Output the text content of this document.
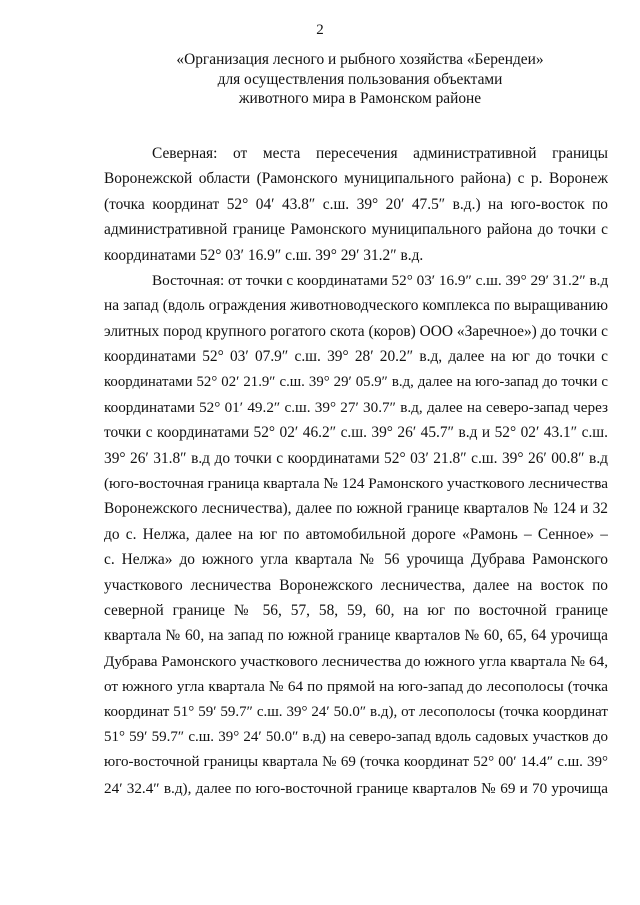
2
«Организация лесного и рыбного хозяйства «Берендеи»
для осуществления пользования объектами
животного мира в Рамонском районе
Северная: от места пересечения административной границы
Воронежской области (Рамонского муниципального района) с р. Воронеж
(точка координат 52° 04′ 43.8″ с.ш. 39° 20′ 47.5″ в.д.) на юго-восток по
административной границе Рамонского муниципального района до точки с
координатами 52° 03′ 16.9″ с.ш. 39° 29′ 31.2″ в.д.
Восточная: от точки с координатами 52° 03′ 16.9″ с.ш. 39° 29′ 31.2″ в.д
на запад (вдоль ограждения животноводческого комплекса по выращиванию
элитных пород крупного рогатого скота (коров) ООО «Заречное») до точки с
координатами 52° 03′ 07.9″ с.ш. 39° 28′ 20.2″ в.д, далее на юг до точки с
координатами 52° 02′ 21.9″ с.ш. 39° 29′ 05.9″ в.д, далее на юго-запад до точки с
координатами 52° 01′ 49.2″ с.ш. 39° 27′ 30.7″ в.д, далее на северо-запад через
точки с координатами 52° 02′ 46.2″ с.ш. 39° 26′ 45.7″ в.д и 52° 02′ 43.1″ с.ш.
39° 26′ 31.8″ в.д до точки с координатами 52° 03′ 21.8″ с.ш. 39° 26′ 00.8″ в.д
(юго-восточная граница квартала № 124 Рамонского участкового лесничества
Воронежского лесничества), далее по южной границе кварталов № 124 и 32
до с. Нелжа, далее на юг по автомобильной дороге «Рамонь – Сенное» –
с. Нелжа» до южного угла квартала № 56 урочища Дубрава Рамонского
участкового лесничества Воронежского лесничества, далее на восток по
северной границе № 56, 57, 58, 59, 60, на юг по восточной границе
квартала № 60, на запад по южной границе кварталов № 60, 65, 64 урочища
Дубрава Рамонского участкового лесничества до южного угла квартала № 64,
от южного угла квартала № 64 по прямой на юго-запад до лесополосы (точка
координат 51° 59′ 59.7″ с.ш. 39° 24′ 50.0″ в.д), от лесополосы (точка координат
51° 59′ 59.7″ с.ш. 39° 24′ 50.0″ в.д) на северо-запад вдоль садовых участков до
юго-восточной границы квартала № 69 (точка координат 52° 00′ 14.4″ с.ш. 39°
24′ 32.4″ в.д), далее по юго-восточной границе кварталов № 69 и 70 урочища
